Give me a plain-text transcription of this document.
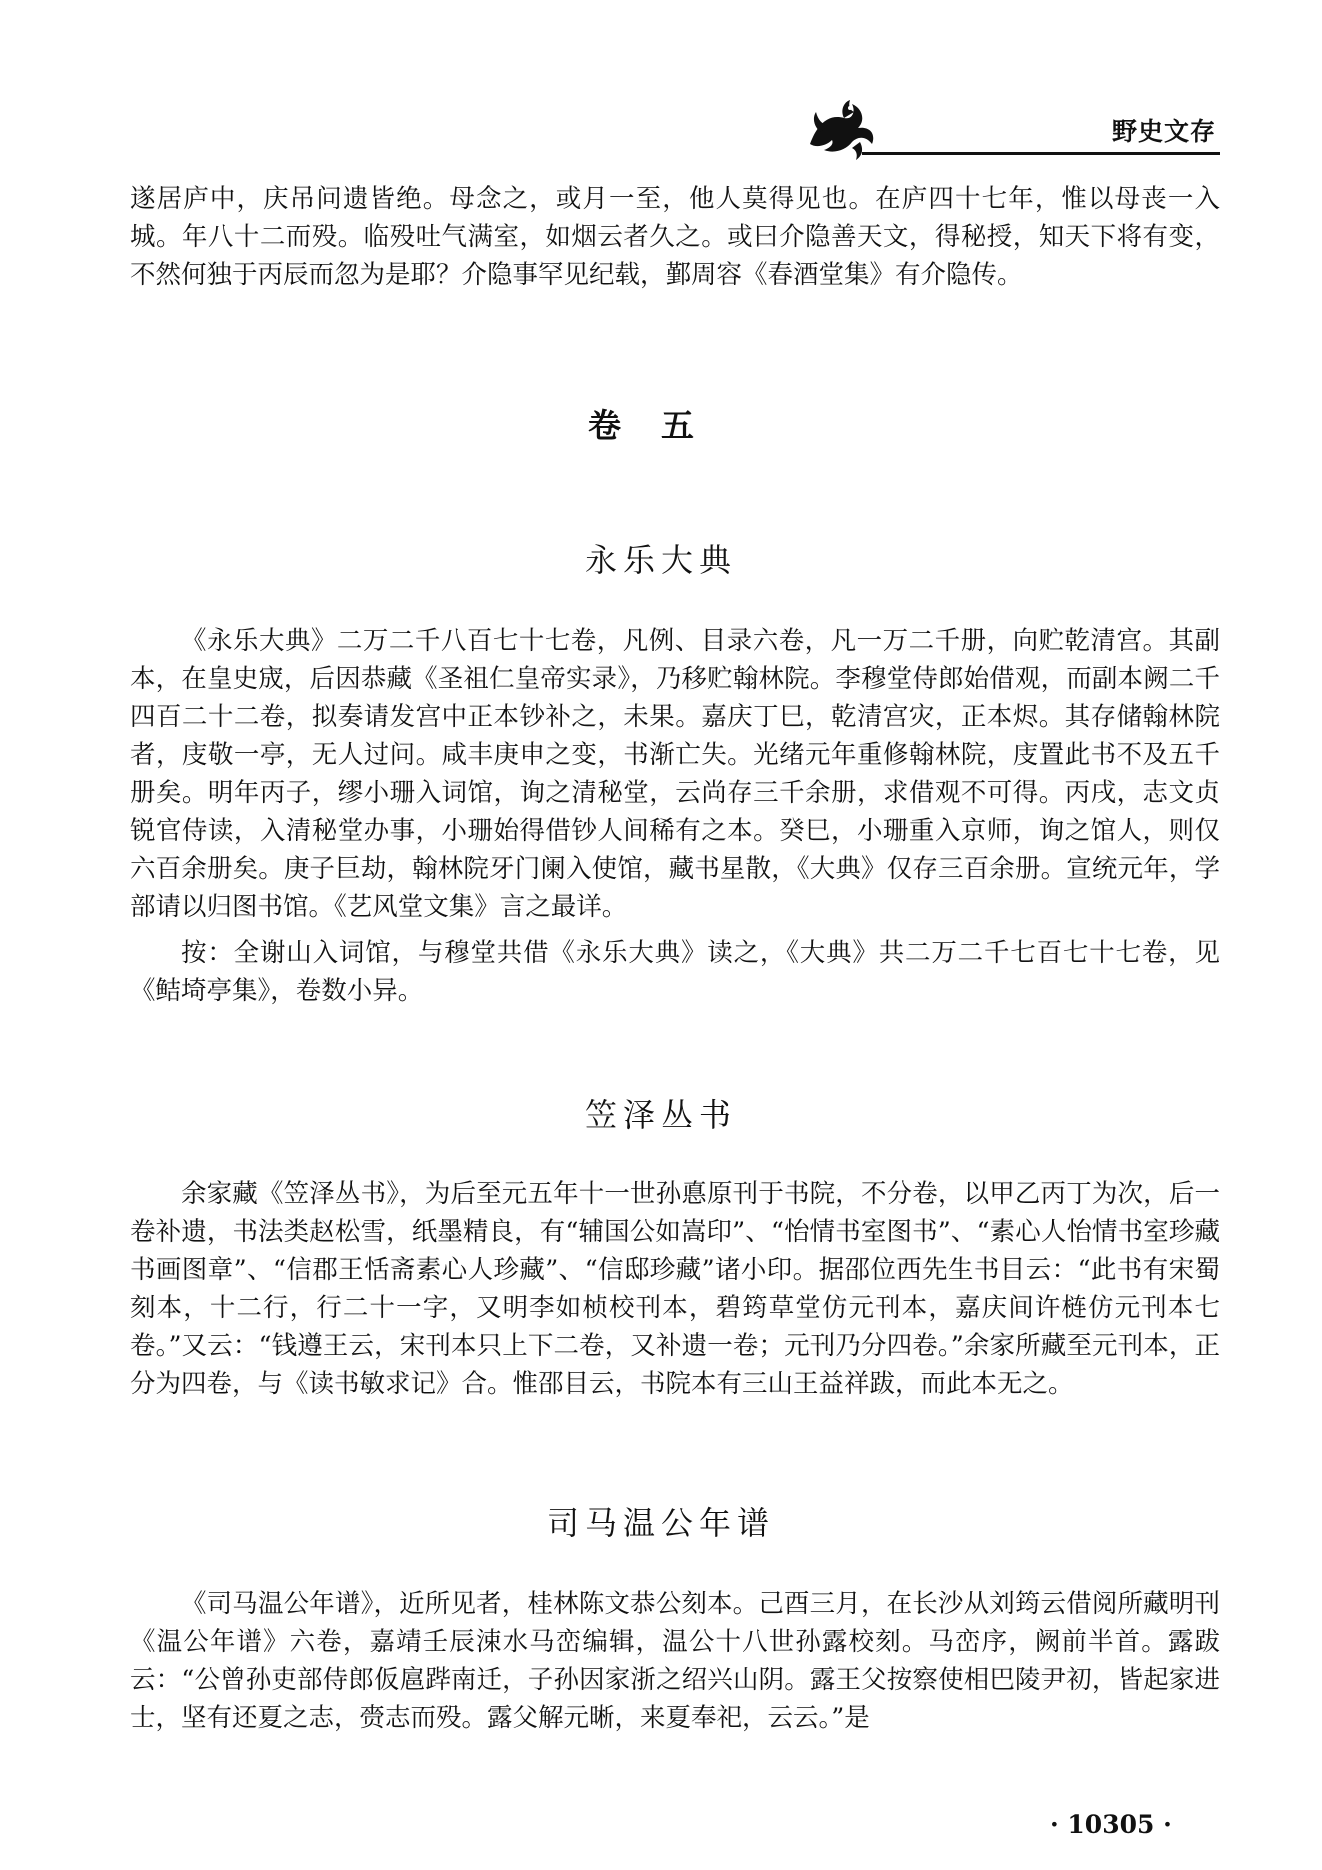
野史文存

遂居庐中，庆吊问遗皆绝。母念之，或月一至，他人莫得见也。在庐四十七年，惟以母丧一入城。年八十二而殁。临殁吐气满室，如烟云者久之。或曰介隐善天文，得秘授，知天下将有变，不然何独于丙辰而忽为是耶？介隐事罕见纪载，鄞周容《春酒堂集》有介隐传。

卷五
永乐大典

《永乐大典》二万二千八百七十七卷，凡例、目录六卷，凡一万二千册，向贮乾清宫。其副本，在皇史宬，后因恭藏《圣祖仁皇帝实录》，乃移贮翰林院。李穆堂侍郎始借观，而副本阙二千四百二十二卷，拟奏请发宫中正本钞补之，未果。嘉庆丁巳，乾清宫灾，正本烬。其存储翰林院者，庋敬一亭，无人过问。咸丰庚申之变，书渐亡失。光绪元年重修翰林院，庋置此书不及五千册矣。明年丙子，缪小珊入词馆，询之清秘堂，云尚存三千余册，求借观不可得。丙戌，志文贞锐官侍读，入清秘堂办事，小珊始得借钞人间稀有之本。癸巳，小珊重入京师，询之馆人，则仅六百余册矣。庚子巨劫，翰林院牙门阑入使馆，藏书星散，《大典》仅存三百余册。宣统元年，学部请以归图书馆。《艺风堂文集》言之最详。

按：全谢山入词馆，与穆堂共借《永乐大典》读之，《大典》共二万二千七百七十七卷，见《鲒埼亭集》，卷数小异。

笠泽丛书

余家藏《笠泽丛书》，为后至元五年十一世孙悳原刊于书院，不分卷，以甲乙丙丁为次，后一卷补遗，书法类赵松雪，纸墨精良，有“辅国公如嵩印”、“怡情书室图书”、“素心人怡情书室珍藏书画图章”、“信郡王恬斋素心人珍藏”、“信邸珍藏”诸小印。据邵位西先生书目云：“此书有宋蜀刻本，十二行，行二十一字，又明李如桢校刊本，碧筠草堂仿元刊本，嘉庆间许梿仿元刊本七卷。”又云：“钱遵王云，宋刊本只上下二卷，又补遗一卷；元刊乃分四卷。”余家所藏至元刊本，正分为四卷，与《读书敏求记》合。惟邵目云，书院本有三山王益祥跋，而此本无之。

司马温公年谱

《司马温公年谱》，近所见者，桂林陈文恭公刻本。己酉三月，在长沙从刘筠云借阅所藏明刊《温公年谱》六卷，嘉靖壬辰涑水马峦编辑，温公十八世孙露校刻。马峦序，阙前半首。露跋云：“公曾孙吏部侍郎仮扈跸南迁，子孙因家浙之绍兴山阴。露王父按察使相巴陵尹初，皆起家进士，坚有还夏之志，赍志而殁。露父解元晰，来夏奉祀，云云。”是

· 10305 ·
